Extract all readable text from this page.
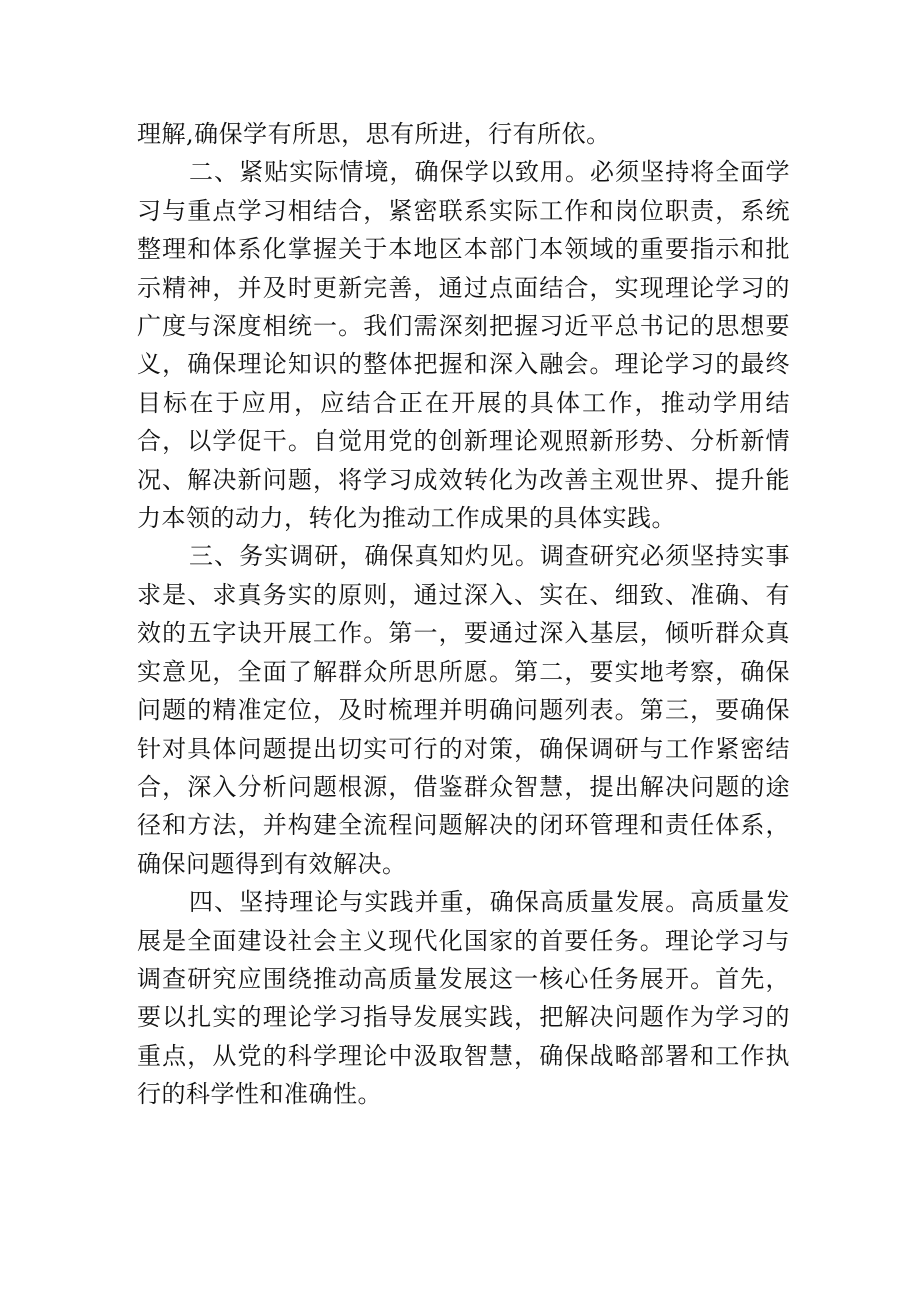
理解,确保学有所思，思有所进，行有所依。

二、紧贴实际情境，确保学以致用。必须坚持将全面学习与重点学习相结合，紧密联系实际工作和岗位职责，系统整理和体系化掌握关于本地区本部门本领域的重要指示和批示精神，并及时更新完善，通过点面结合，实现理论学习的广度与深度相统一。我们需深刻把握习近平总书记的思想要义，确保理论知识的整体把握和深入融会。理论学习的最终目标在于应用，应结合正在开展的具体工作，推动学用结合，以学促干。自觉用党的创新理论观照新形势、分析新情况、解决新问题，将学习成效转化为改善主观世界、提升能力本领的动力，转化为推动工作成果的具体实践。

三、务实调研，确保真知灼见。调查研究必须坚持实事求是、求真务实的原则，通过深入、实在、细致、准确、有效的五字诀开展工作。第一，要通过深入基层，倾听群众真实意见，全面了解群众所思所愿。第二，要实地考察，确保问题的精准定位，及时梳理并明确问题列表。第三，要确保针对具体问题提出切实可行的对策，确保调研与工作紧密结合，深入分析问题根源，借鉴群众智慧，提出解决问题的途径和方法，并构建全流程问题解决的闭环管理和责任体系，确保问题得到有效解决。

四、坚持理论与实践并重，确保高质量发展。高质量发展是全面建设社会主义现代化国家的首要任务。理论学习与调查研究应围绕推动高质量发展这一核心任务展开。首先，要以扎实的理论学习指导发展实践，把解决问题作为学习的重点，从党的科学理论中汲取智慧，确保战略部署和工作执行的科学性和准确性。
